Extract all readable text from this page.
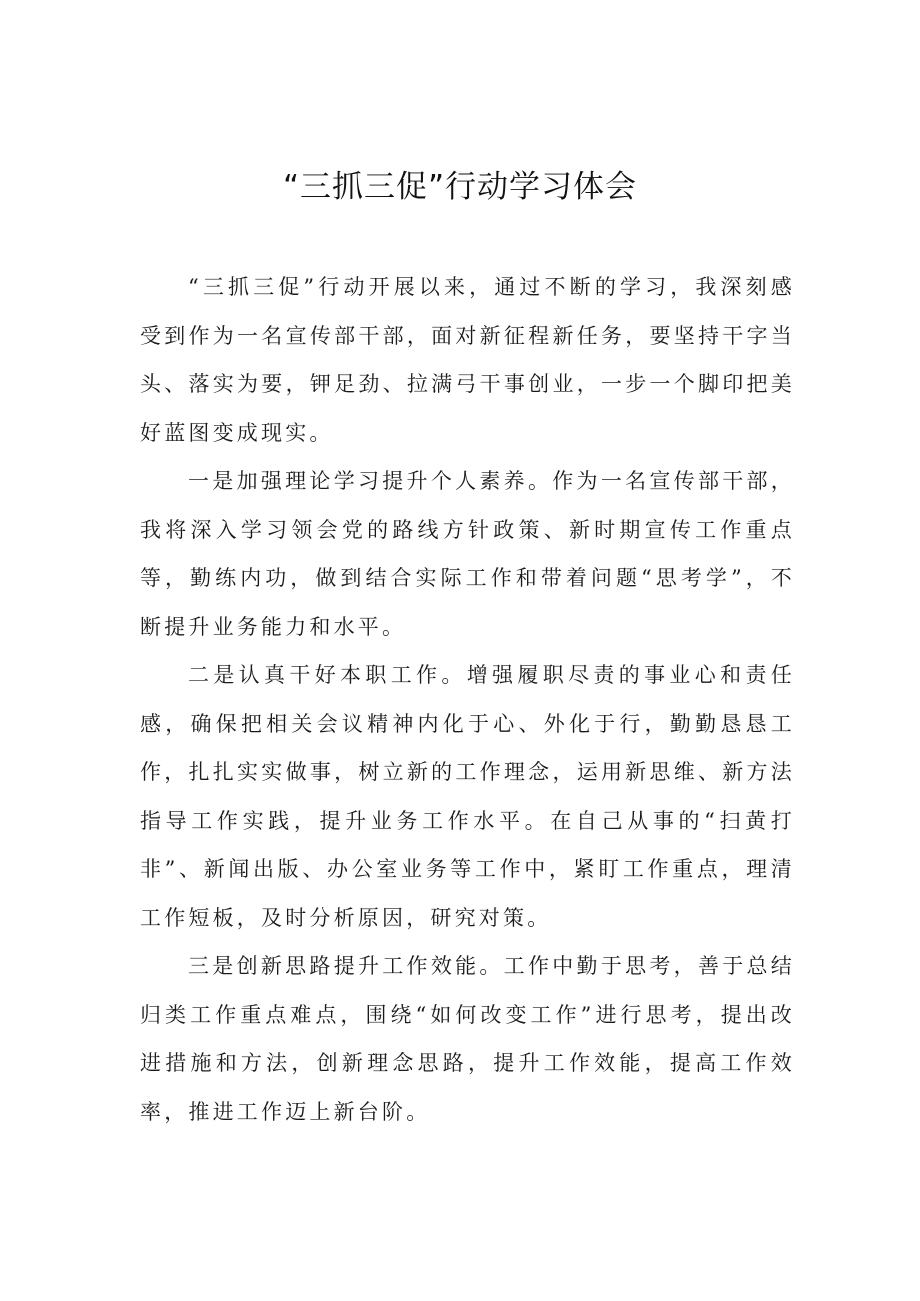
“三抓三促”行动学习体会

“三抓三促”行动开展以来，通过不断的学习，我深刻感受到作为一名宣传部干部，面对新征程新任务，要坚持干字当头、落实为要，钾足劲、拉满弓干事创业，一步一个脚印把美好蓝图变成现实。

一是加强理论学习提升个人素养。作为一名宣传部干部，我将深入学习领会党的路线方针政策、新时期宣传工作重点等，勤练内功，做到结合实际工作和带着问题“思考学”，不断提升业务能力和水平。

二是认真干好本职工作。增强履职尽责的事业心和责任感，确保把相关会议精神内化于心、外化于行，勤勤恳恳工作，扎扎实实做事，树立新的工作理念，运用新思维、新方法指导工作实践，提升业务工作水平。在自己从事的“扫黄打非”、新闻出版、办公室业务等工作中，紧盯工作重点，理清工作短板，及时分析原因，研究对策。

三是创新思路提升工作效能。工作中勤于思考，善于总结归类工作重点难点，围绕“如何改变工作”进行思考，提出改进措施和方法，创新理念思路，提升工作效能，提高工作效率，推进工作迈上新台阶。
